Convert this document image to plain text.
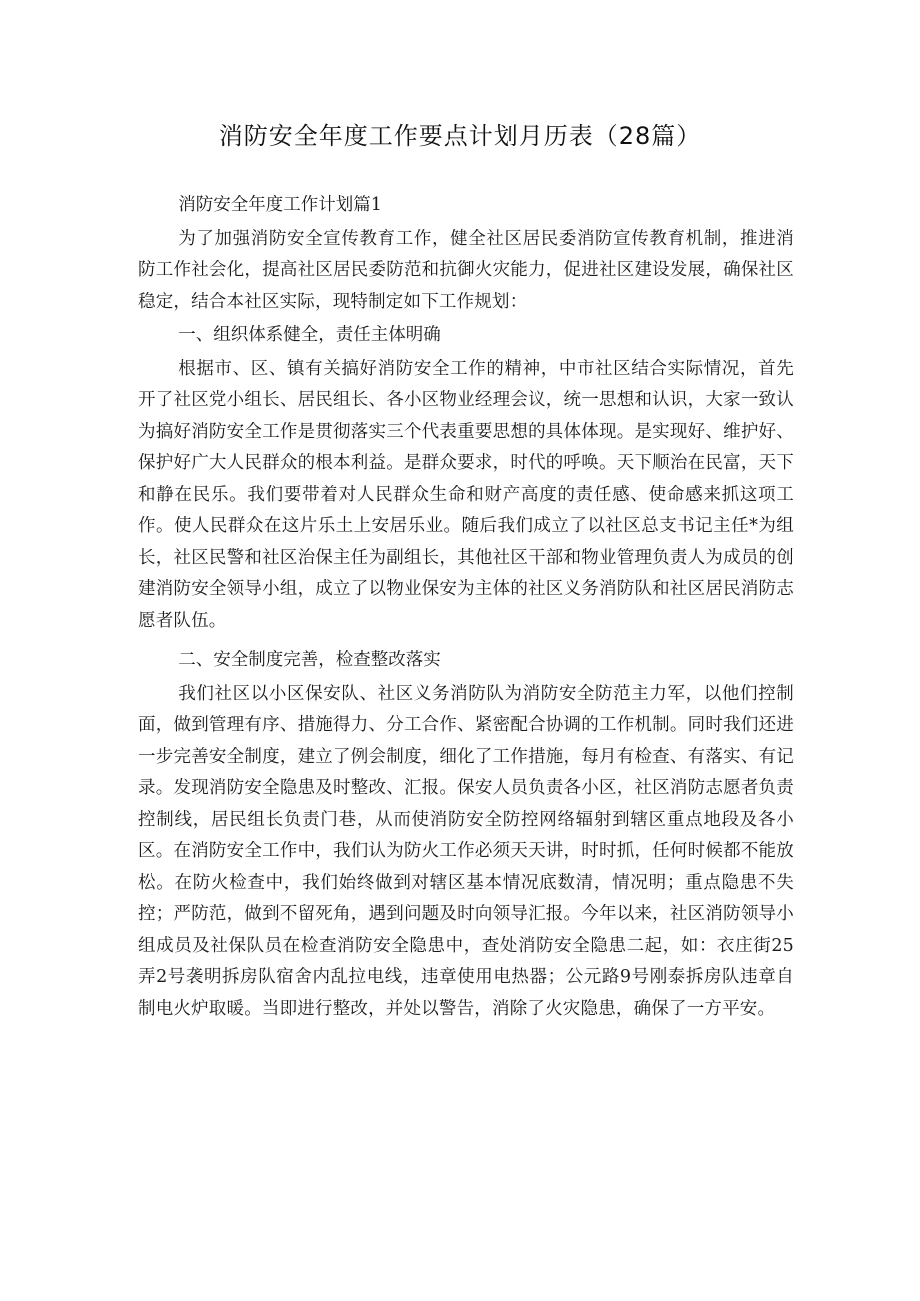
消防安全年度工作要点计划月历表（28篇）

消防安全年度工作计划篇1

为了加强消防安全宣传教育工作，健全社区居民委消防宣传教育机制，推进消防工作社会化，提高社区居民委防范和抗御火灾能力，促进社区建设发展，确保社区稳定，结合本社区实际，现特制定如下工作规划：

一、组织体系健全，责任主体明确

根据市、区、镇有关搞好消防安全工作的精神，中市社区结合实际情况，首先开了社区党小组长、居民组长、各小区物业经理会议，统一思想和认识，大家一致认为搞好消防安全工作是贯彻落实三个代表重要思想的具体体现。是实现好、维护好、保护好广大人民群众的根本利益。是群众要求，时代的呼唤。天下顺治在民富，天下和静在民乐。我们要带着对人民群众生命和财产高度的责任感、使命感来抓这项工作。使人民群众在这片乐土上安居乐业。随后我们成立了以社区总支书记主任*为组长，社区民警和社区治保主任为副组长，其他社区干部和物业管理负责人为成员的创建消防安全领导小组，成立了以物业保安为主体的社区义务消防队和社区居民消防志愿者队伍。

二、安全制度完善，检查整改落实

我们社区以小区保安队、社区义务消防队为消防安全防范主力军，以他们控制面，做到管理有序、措施得力、分工合作、紧密配合协调的工作机制。同时我们还进一步完善安全制度，建立了例会制度，细化了工作措施，每月有检查、有落实、有记录。发现消防安全隐患及时整改、汇报。保安人员负责各小区，社区消防志愿者负责控制线，居民组长负责门巷，从而使消防安全防控网络辐射到辖区重点地段及各小区。在消防安全工作中，我们认为防火工作必须天天讲，时时抓，任何时候都不能放松。在防火检查中，我们始终做到对辖区基本情况底数清，情况明；重点隐患不失控；严防范，做到不留死角，遇到问题及时向领导汇报。今年以来，社区消防领导小组成员及社保队员在检查消防安全隐患中，查处消防安全隐患二起，如：衣庄街25弄2号袭明拆房队宿舍内乱拉电线，违章使用电热器；公元路9号刚泰拆房队违章自制电火炉取暖。当即进行整改，并处以警告，消除了火灾隐患，确保了一方平安。
